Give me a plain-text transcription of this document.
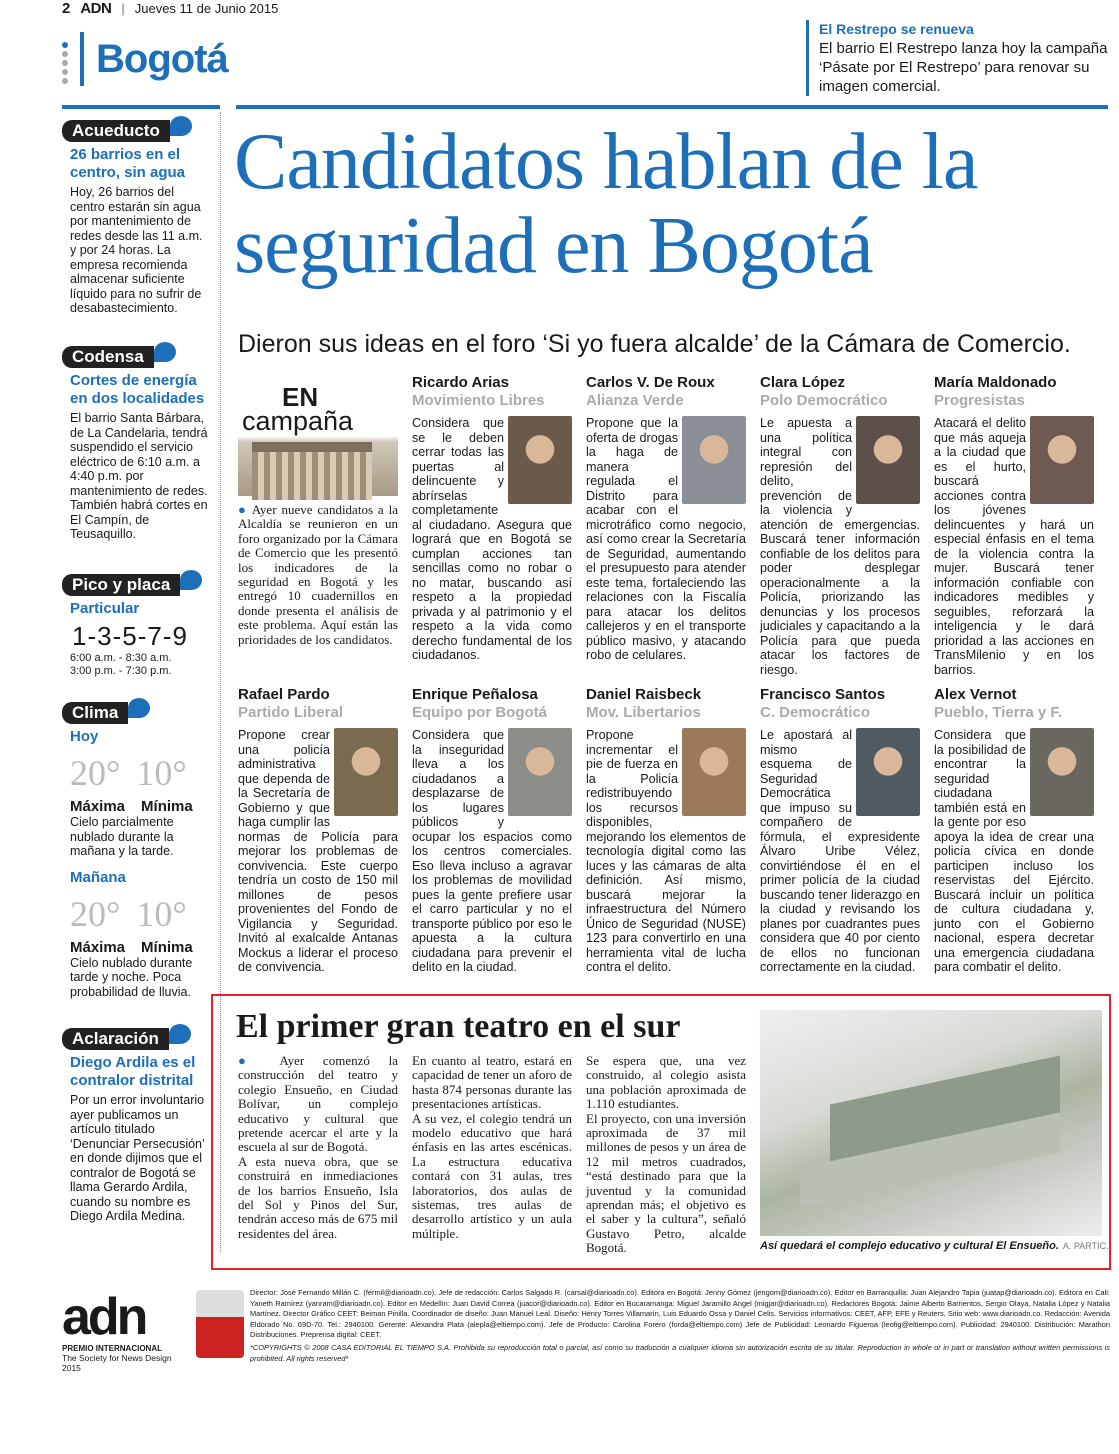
2 ADN | Jueves 11 de Junio 2015
Bogotá
El Restrepo se renueva
El barrio El Restrepo lanza hoy la campaña ‘Pásate por El Restrepo’ para renovar su imagen comercial.
Acueducto
26 barrios en el centro, sin agua
Hoy, 26 barrios del centro estarán sin agua por mantenimiento de redes desde las 11 a.m. y por 24 horas. La empresa recomienda almacenar suficiente líquido para no sufrir de desabastecimiento.
Codensa
Cortes de energía en dos localidades
El barrio Santa Bárbara, de La Candelaria, tendrá suspendido el servicio eléctrico de 6:10 a.m. a 4:40 p.m. por mantenimiento de redes. También habrá cortes en El Campín, de Teusaquillo.
Pico y placa
Particular
1-3-5-7-9
6:00 a.m. - 8:30 a.m.
3:00 p.m. - 7:30 p.m.
Clima
Hoy
20° 10°
Máxima Mínima
Cielo parcialmente nublado durante la mañana y la tarde.
Mañana
20° 10°
Máxima Mínima
Cielo nublado durante tarde y noche. Poca probabilidad de lluvia.
Aclaración
Diego Ardila es el contralor distrital
Por un error involuntario ayer publicamos un artículo titulado ‘Denunciar Persecusión’ en donde dijimos que el contralor de Bogotá se llama Gerardo Ardila, cuando su nombre es Diego Ardila Medina.
Candidatos hablan de la seguridad en Bogotá
Dieron sus ideas en el foro ‘Si yo fuera alcalde’ de la Cámara de Comercio.
EN
campaña
● Ayer nueve candidatos a la Alcaldía se reunieron en un foro organizado por la Cámara de Comercio que les presentó los indicadores de la seguridad en Bogotá y les entregó 10 cuadernillos en donde presenta el análisis de este problema. Aquí están las prioridades de los candidatos.
Ricardo Arias
Movimiento Libres
Considera que se le deben cerrar todas las puertas al delincuente y abrírselas completamente al ciudadano. Asegura que logrará que en Bogotá se cumplan acciones tan sencillas como no robar o no matar, buscando así respeto a la propiedad privada y al patrimonio y el respeto a la vida como derecho fundamental de los ciudadanos.
Carlos V. De Roux
Alianza Verde
Propone que la oferta de drogas la haga de manera regulada el Distrito para acabar con el microtráfico como negocio, así como crear la Secretaría de Seguridad, aumentando el presupuesto para atender este tema, fortaleciendo las relaciones con la Fiscalía para atacar los delitos callejeros y en el transporte público masivo, y atacando robo de celulares.
Clara López
Polo Democrático
Le apuesta a una política integral con represión del delito, prevención de la violencia y atención de emergencias. Buscará tener información confiable de los delitos para poder desplegar operacionalmente a la Policía, priorizando las denuncias y los procesos judiciales y capacitando a la Policía para que pueda atacar los factores de riesgo.
María Maldonado
Progresistas
Atacará el delito que más aqueja a la ciudad que es el hurto, buscará acciones contra los jóvenes delincuentes y hará un especial énfasis en el tema de la violencia contra la mujer. Buscará tener información confiable con indicadores medibles y seguibles, reforzará la inteligencia y le dará prioridad a las acciones en TransMilenio y en los barrios.
Rafael Pardo
Partido Liberal
Propone crear una policía administrativa que dependa de la Secretaría de Gobierno y que haga cumplir las normas de Policía para mejorar los problemas de convivencia. Este cuerpo tendría un costo de 150 mil millones de pesos provenientes del Fondo de Vigilancia y Seguridad. Invitó al exalcalde Antanas Mockus a liderar el proceso de convivencia.
Enrique Peñalosa
Equipo por Bogotá
Considera que la inseguridad lleva a los ciudadanos a desplazarse de los lugares públicos y ocupar los espacios como los centros comerciales. Eso lleva incluso a agravar los problemas de movilidad pues la gente prefiere usar el carro particular y no el transporte público por eso le apuesta a la cultura ciudadana para prevenir el delito en la ciudad.
Daniel Raisbeck
Mov. Libertarios
Propone incrementar el pie de fuerza en la Policía redistribuyendo los recursos disponibles, mejorando los elementos de tecnología digital como las luces y las cámaras de alta definición. Así mismo, buscará mejorar la infraestructura del Número Único de Seguridad (NUSE) 123 para convertirlo en una herramienta vital de lucha contra el delito.
Francisco Santos
C. Democrático
Le apostará al mismo esquema de Seguridad Democrática que impuso su compañero de fórmula, el expresidente Álvaro Uribe Vélez, convirtiéndose él en el primer policía de la ciudad buscando tener liderazgo en la ciudad y revisando los planes por cuadrantes pues considera que 40 por ciento de ellos no funcionan correctamente en la ciudad.
Alex Vernot
Pueblo, Tierra y F.
Considera que la posibilidad de encontrar la seguridad ciudadana también está en la gente por eso apoya la idea de crear una policía cívica en donde participen incluso los reservistas del Ejército. Buscará incluir un política de cultura ciudadana y, junto con el Gobierno nacional, espera decretar una emergencia ciudadana para combatir el delito.
El primer gran teatro en el sur
● Ayer comenzó la construcción del teatro y colegio Ensueño, en Ciudad Bolívar, un complejo educativo y cultural que pretende acercar el arte y la escuela al sur de Bogotá.
A esta nueva obra, que se construirá en inmediaciones de los barrios Ensueño, Isla del Sol y Pinos del Sur, tendrán acceso más de 675 mil residentes del área.
En cuanto al teatro, estará en capacidad de tener un aforo de hasta 874 personas durante las presentaciones artísticas.
A su vez, el colegio tendrá un modelo educativo que hará énfasis en las artes escénicas. La estructura educativa contará con 31 aulas, tres laboratorios, dos aulas de sistemas, tres aulas de desarrollo artístico y un aula múltiple.
Se espera que, una vez construido, al colegio asista una población aproximada de 1.110 estudiantes.
El proyecto, con una inversión aproximada de 37 mil millones de pesos y un área de 12 mil metros cuadrados, “está destinado para que la juventud y la comunidad aprendan más; el objetivo es el saber y la cultura”, señaló Gustavo Petro, alcalde Bogotá.	Así quedará el complejo educativo y cultural El Ensueño. A. PARTIC.
adn
PREMIO INTERNACIONAL
The Society for News Design 2015
Director: José Fernando Millán C. (fermil@diarioadn.co). Jefe de redacción: Carlos Salgado R. (carsal@diarioadn.co). Editora en Bogotá: Jenny Gómez (jengom@diarioadn.co). Editor en Barranquilla: Juan Alejandro Tapia (juatap@diarioadn.co). Editora en Cali: Yaneth Ramírez (yanram@diarioadn.co). Editor en Medellín: Juan David Correa (juacor@diarioadn.co). Editor en Bucaramanga: Miguel Jaramillo Angel (migjar@diarioadn.co). Redactores Bogotá: Jaime Alberto Barrientos, Sergio Olaya, Natalia López y Natalia Martínez. Director Gráfico CEET: Beiman Pinilla. Coordinador de diseño: Juan Manuel Leal. Diseño: Henry Torres Villamarín, Luis Eduardo Ossa y Daniel Celis. Servicios informativos: CEET, AFP, EFE y Reuters. Sitio web: www.diarioadn.co. Redacción: Avenida Eldorado No. 69D-70. Tel.: 2940100. Gerente: Alexandra Plata (alepla@eltiempo.com). Jefe de Producto: Carolina Forero (forda@eltiempo.com) Jefe de Publicidad: Leonardo Figueroa (leofig@eltiempo.com). Publicidad: 2940100. Distribución: Marathon Distribuciones. Preprensa digital: CEET.
*COPYRIGHTS © 2008 CASA EDITORIAL EL TIEMPO S.A. Prohibida su reproducción total o parcial, así como su traducción a cualquier idioma sin autorización escrita de su titular. Reproduction in whole or in part or translation without written permissions is prohibited. All rights reserved*
